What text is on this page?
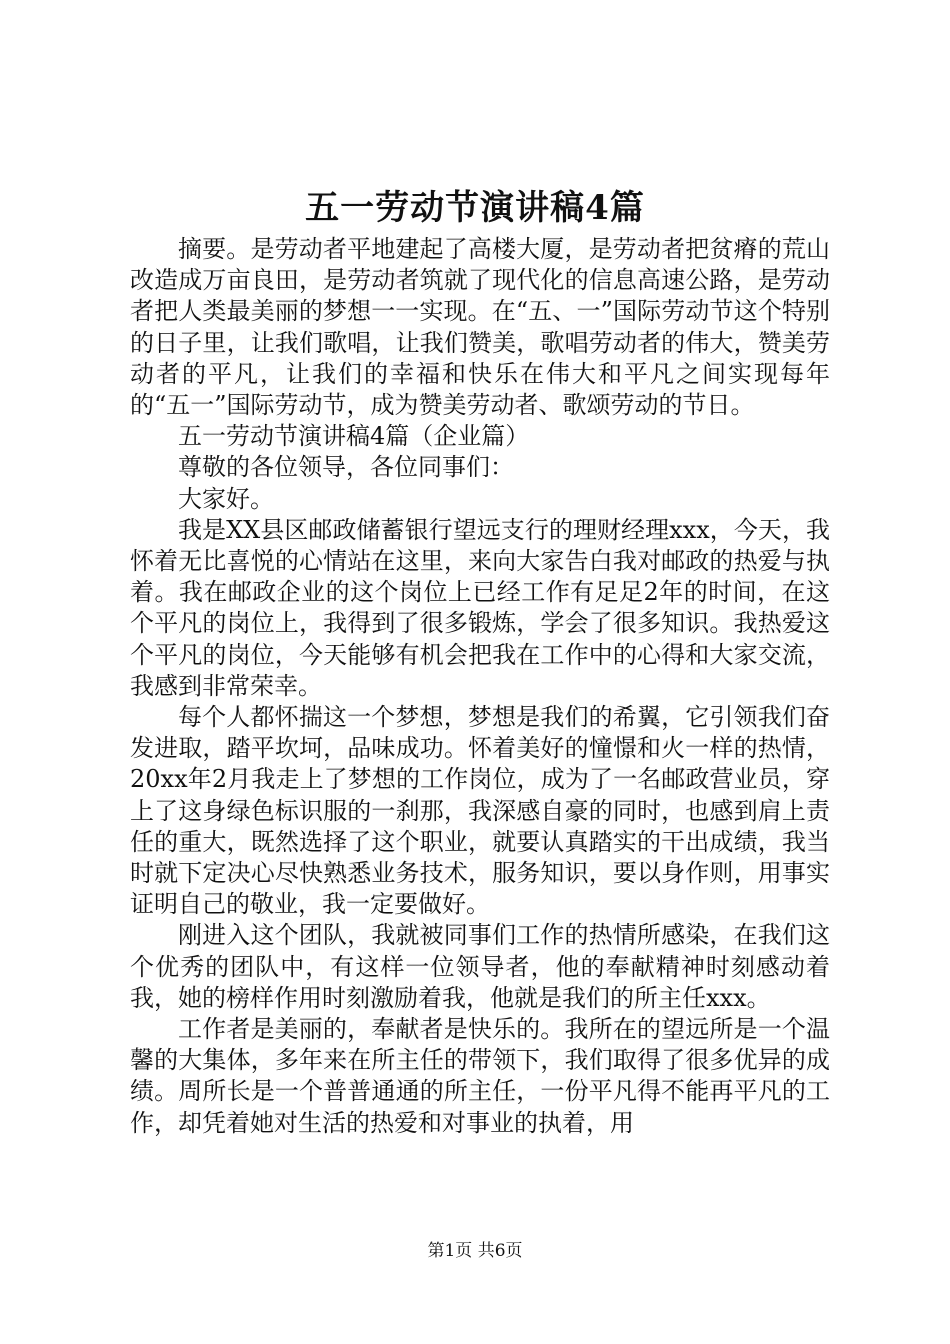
五一劳动节演讲稿4篇

摘要。是劳动者平地建起了高楼大厦，是劳动者把贫瘠的荒山改造成万亩良田，是劳动者筑就了现代化的信息高速公路，是劳动者把人类最美丽的梦想一一实现。在“五、一”国际劳动节这个特别的日子里，让我们歌唱，让我们赞美，歌唱劳动者的伟大，赞美劳动者的平凡，让我们的幸福和快乐在伟大和平凡之间实现每年的“五一”国际劳动节，成为赞美劳动者、歌颂劳动的节日。

五一劳动节演讲稿4篇（企业篇）

尊敬的各位领导，各位同事们：

大家好。

我是XX县区邮政储蓄银行望远支行的理财经理xxx，今天，我怀着无比喜悦的心情站在这里，来向大家告白我对邮政的热爱与执着。我在邮政企业的这个岗位上已经工作有足足2年的时间，在这个平凡的岗位上，我得到了很多锻炼，学会了很多知识。我热爱这个平凡的岗位，今天能够有机会把我在工作中的心得和大家交流，我感到非常荣幸。

每个人都怀揣这一个梦想，梦想是我们的希翼，它引领我们奋发进取，踏平坎坷，品味成功。怀着美好的憧憬和火一样的热情，20xx年2月我走上了梦想的工作岗位，成为了一名邮政营业员，穿上了这身绿色标识服的一刹那，我深感自豪的同时，也感到肩上责任的重大，既然选择了这个职业，就要认真踏实的干出成绩，我当时就下定决心尽快熟悉业务技术，服务知识，要以身作则，用事实证明自己的敬业，我一定要做好。

刚进入这个团队，我就被同事们工作的热情所感染，在我们这个优秀的团队中，有这样一位领导者，他的奉献精神时刻感动着我，她的榜样作用时刻激励着我，他就是我们的所主任xxx。

工作者是美丽的，奉献者是快乐的。我所在的望远所是一个温馨的大集体，多年来在所主任的带领下，我们取得了很多优异的成绩。周所长是一个普普通通的所主任，一份平凡得不能再平凡的工作，却凭着她对生活的热爱和对事业的执着，用

第1页 共6页
